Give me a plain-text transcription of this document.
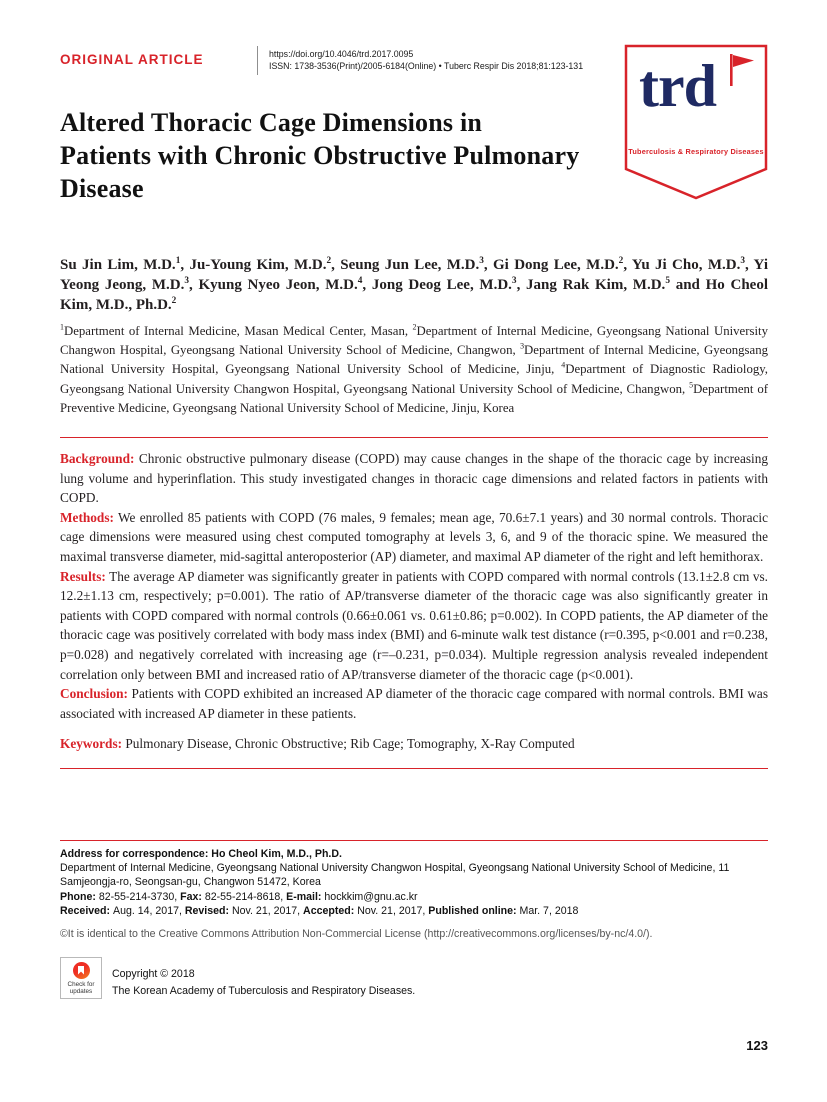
ORIGINAL ARTICLE	https://doi.org/10.4046/trd.2017.0095
ISSN: 1738-3536(Print)/2005-6184(Online) • Tuberc Respir Dis 2018;81:123-131 trd
Tuberculosis & Respiratory Diseases
Altered Thoracic Cage Dimensions in
Patients with Chronic Obstructive Pulmonary
Disease

Su Jin Lim, M.D.$^1$, Ju-Young Kim, M.D.$^2$, Seung Jun Lee, M.D.$^3$, Gi Dong Lee, M.D.$^2$, Yu Ji Cho, M.D.$^3$, Yi Yeong Jeong, M.D.$^3$, Kyung Nyeo Jeon, M.D.$^4$, Jong Deog Lee, M.D.$^3$, Jang Rak Kim, M.D.$^5$ and Ho Cheol Kim, M.D., Ph.D.$^2$

$^1$Department of Internal Medicine, Masan Medical Center, Masan, $^2$Department of Internal Medicine, Gyeongsang National University Changwon Hospital, Gyeongsang National University School of Medicine, Changwon, $^3$Department of Internal Medicine, Gyeongsang National University Hospital, Gyeongsang National University School of Medicine, Jinju, $^4$Department of Diagnostic Radiology, Gyeongsang National University Changwon Hospital, Gyeongsang National University School of Medicine, Changwon, $^5$Department of Preventive Medicine, Gyeongsang National University School of Medicine, Jinju, Korea

Background: Chronic obstructive pulmonary disease (COPD) may cause changes in the shape of the thoracic cage by increasing lung volume and hyperinflation. This study investigated changes in thoracic cage dimensions and related factors in patients with COPD.

Methods: We enrolled 85 patients with COPD (76 males, 9 females; mean age, 70.6±7.1 years) and 30 normal controls. Thoracic cage dimensions were measured using chest computed tomography at levels 3, 6, and 9 of the thoracic spine. We measured the maximal transverse diameter, mid-sagittal anteroposterior (AP) diameter, and maximal AP diameter of the right and left hemithorax.

Results: The average AP diameter was significantly greater in patients with COPD compared with normal controls (13.1±2.8 cm vs. 12.2±1.13 cm, respectively; p=0.001). The ratio of AP/transverse diameter of the thoracic cage was also significantly greater in patients with COPD compared with normal controls (0.66±0.061 vs. 0.61±0.86; p=0.002). In COPD patients, the AP diameter of the thoracic cage was positively correlated with body mass index (BMI) and 6-minute walk test distance (r=0.395, p<0.001 and r=0.238, p=0.028) and negatively correlated with increasing age (r=–0.231, p=0.034). Multiple regression analysis revealed independent correlation only between BMI and increased ratio of AP/transverse diameter of the thoracic cage (p<0.001).

Conclusion: Patients with COPD exhibited an increased AP diameter of the thoracic cage compared with normal controls. BMI was associated with increased AP diameter in these patients.

Keywords: Pulmonary Disease, Chronic Obstructive; Rib Cage; Tomography, X-Ray Computed

Address for correspondence: Ho Cheol Kim, M.D., Ph.D.

Department of Internal Medicine, Gyeongsang National University Changwon Hospital, Gyeongsang National University School of Medicine, 11 Samjeongja-ro, Seongsan-gu, Changwon 51472, Korea

Phone: 82-55-214-3730, Fax: 82-55-214-8618, E-mail: hockkim@gnu.ac.kr

Received: Aug. 14, 2017, Revised: Nov. 21, 2017, Accepted: Nov. 21, 2017, Published online: Mar. 7, 2018

©It is identical to the Creative Commons Attribution Non-Commercial License (http://creativecommons.org/licenses/by-nc/4.0/).

Check for updates
Copyright © 2018
The Korean Academy of Tuberculosis and Respiratory Diseases.
123
